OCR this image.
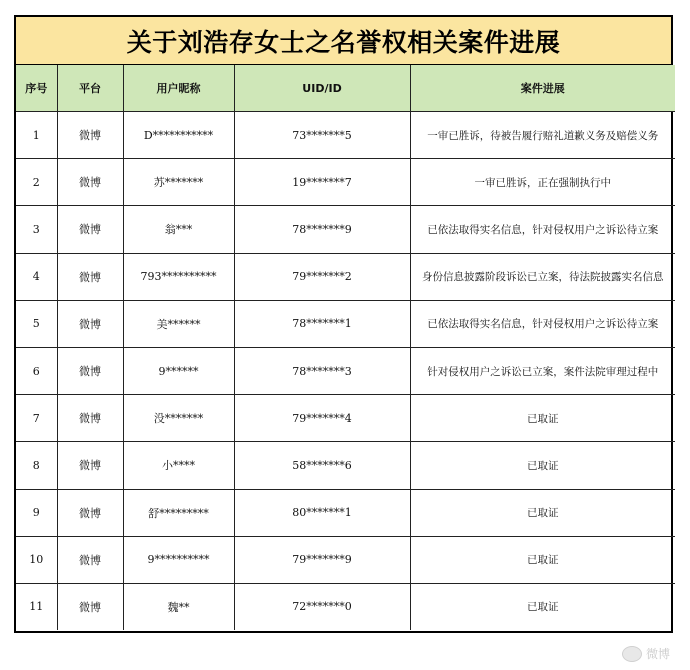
关于刘浩存女士之名誉权相关案件进展
序号	平台	用户昵称	UID/ID	案件进展
1	微博	D***********	73*******5	一审已胜诉，待被告履行赔礼道歉义务及赔偿义务
2	微博	苏*******	19*******7	一审已胜诉，正在强制执行中
3	微博	翁***	78*******9	已依法取得实名信息，针对侵权用户之诉讼待立案
4	微博	793**********	79*******2	身份信息披露阶段诉讼已立案，待法院披露实名信息
5	微博	美******	78*******1	已依法取得实名信息，针对侵权用户之诉讼待立案
6	微博	9******	78*******3	针对侵权用户之诉讼已立案，案件法院审理过程中
7	微博	没*******	79*******4	已取证
8	微博	小****	58*******6	已取证
9	微博	舒*********	80*******1	已取证
10	微博	9**********	79*******9	已取证
11	微博	魏**	72*******0	已取证
微博
